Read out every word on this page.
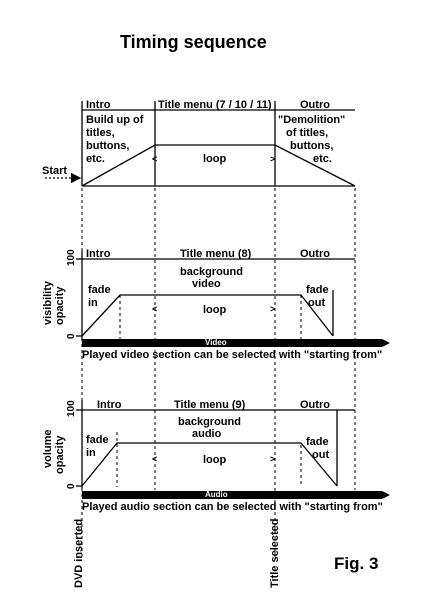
<	>
<	>
<	>

Timing sequence

Intro	Title menu (7 / 10 / 11)	Outro

Build up of

titles,

buttons,

etc.

"Demolition"

of titles,

buttons,

etc.

loop

Start

Intro	Title menu (8)	Outro

100

0

opacity

visibility	fade

in

fade

out

background

video

loop

Video

Played video section can be selected with "starting from"

Intro	Title menu (9)	Outro

100

0

opacity

volume	fade

in

fade

out

background

audio

loop

Audio

Played audio section can be selected with "starting from"

DVD inserted	Title selected	Fig. 3
